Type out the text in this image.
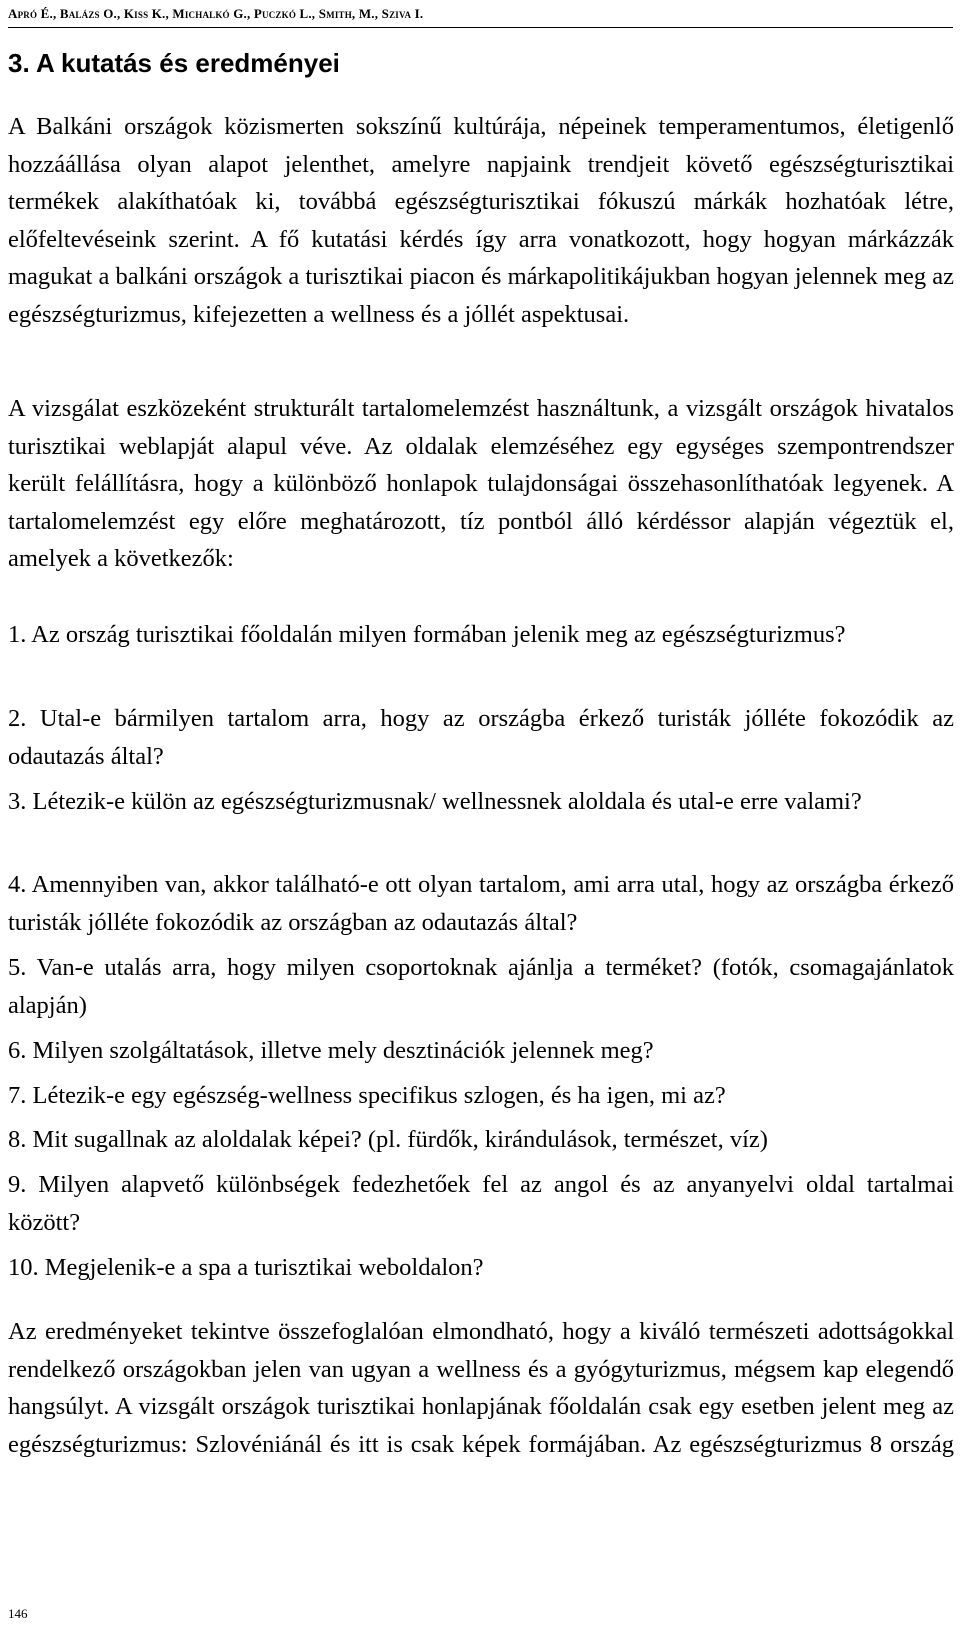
Apró É., Balázs O., Kiss K., Michalkó G., Puczkó L., Smith, M., Sziva I.
3. A kutatás és eredményei

A Balkáni országok közismerten sokszínű kultúrája, népeinek temperamentumos, életigenlő hozzáállása olyan alapot jelenthet, amelyre napjaink trendjeit követő egészségturisztikai termékek alakíthatóak ki, továbbá egészségturisztikai fókuszú márkák hozhatóak létre, előfeltevéseink szerint. A fő kutatási kérdés így arra vonatkozott, hogy hogyan márkázzák magukat a balkáni országok a turisztikai piacon és márkapolitikájukban hogyan jelennek meg az egészségturizmus, kifejezetten a wellness és a jóllét aspektusai.

A vizsgálat eszközeként strukturált tartalomelemzést használtunk, a vizsgált országok hivatalos turisztikai weblapját alapul véve. Az oldalak elemzéséhez egy egységes szempontrendszer került felállításra, hogy a különböző honlapok tulajdonságai összehasonlíthatóak legyenek. A tartalomelemzést egy előre meghatározott, tíz pontból álló kérdéssor alapján végeztük el, amelyek a következők:

1. Az ország turisztikai főoldalán milyen formában jelenik meg az egészségturizmus?

2. Utal-e bármilyen tartalom arra, hogy az országba érkező turisták jólléte fokozódik az odautazás által?

3. Létezik-e külön az egészségturizmusnak/ wellnessnek aloldala és utal-e erre valami?

4. Amennyiben van, akkor található-e ott olyan tartalom, ami arra utal, hogy az országba érkező turisták jólléte fokozódik az országban az odautazás által?

5. Van-e utalás arra, hogy milyen csoportoknak ajánlja a terméket? (fotók, csomagajánlatok alapján)

6. Milyen szolgáltatások, illetve mely desztinációk jelennek meg?

7. Létezik-e egy egészség-wellness specifikus szlogen, és ha igen, mi az?

8. Mit sugallnak az aloldalak képei? (pl. fürdők, kirándulások, természet, víz)

9. Milyen alapvető különbségek fedezhetőek fel az angol és az anyanyelvi oldal tartalmai között?

10. Megjelenik-e a spa a turisztikai weboldalon?

Az eredményeket tekintve összefoglalóan elmondható, hogy a kiváló természeti adottságokkal rendelkező országokban jelen van ugyan a wellness és a gyógyturizmus, mégsem kap elegendő hangsúlyt. A vizsgált országok turisztikai honlapjának főoldalán csak egy esetben jelent meg az egészségturizmus: Szlovéniánál és itt is csak képek formájában. Az egészségturizmus 8 ország

146
